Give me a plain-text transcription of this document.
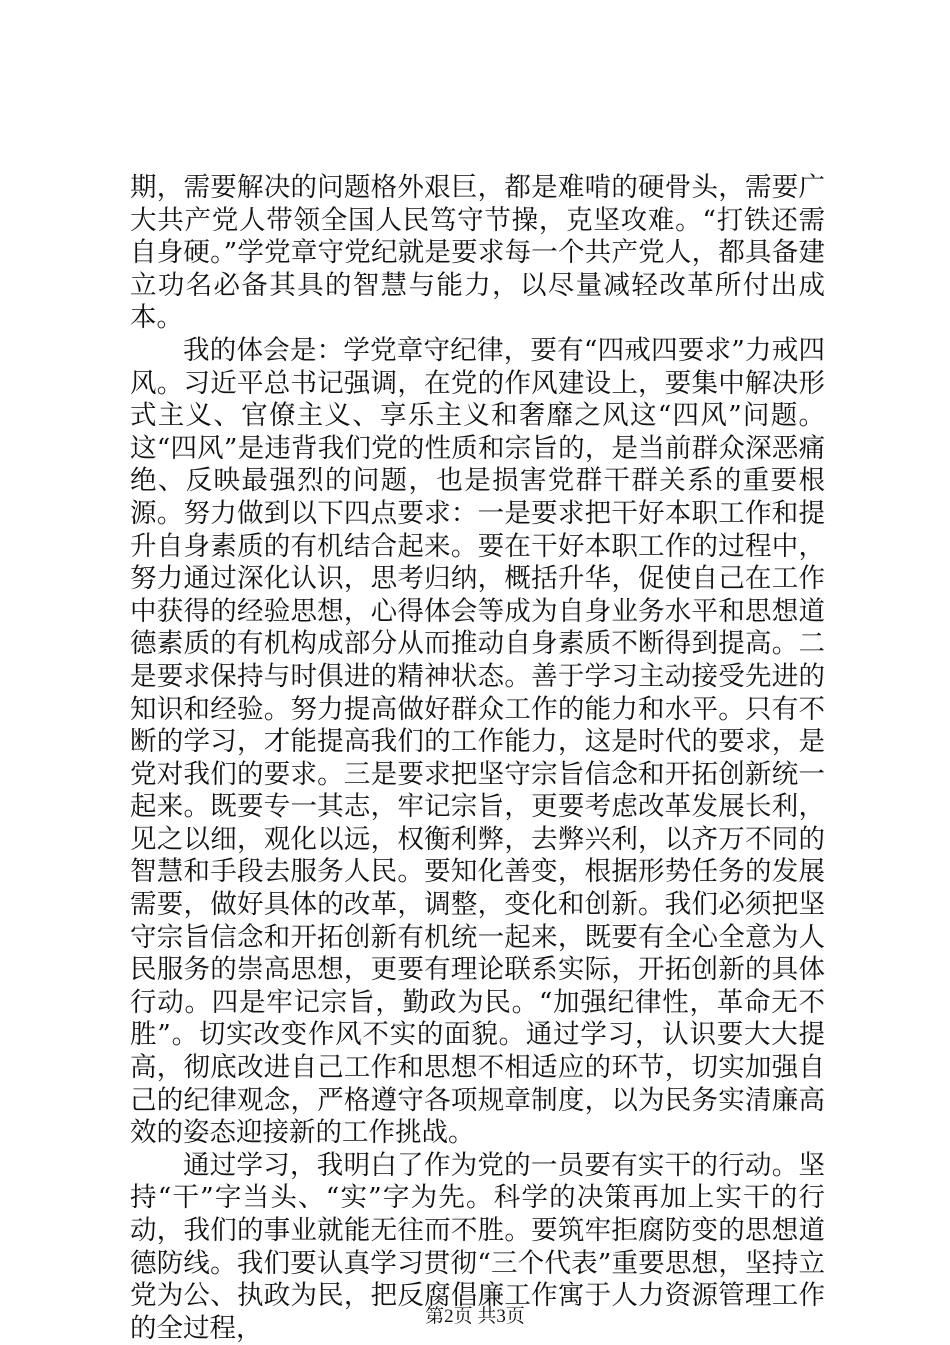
期，需要解决的问题格外艰巨，都是难啃的硬骨头，需要广大共产党人带领全国人民笃守节操，克坚攻难。“打铁还需自身硬。”学党章守党纪就是要求每一个共产党人，都具备建立功名必备其具的智慧与能力，以尽量减轻改革所付出成本。

我的体会是：学党章守纪律，要有“四戒四要求”力戒四风。习近平总书记强调，在党的作风建设上，要集中解决形式主义、官僚主义、享乐主义和奢靡之风这“四风”问题。这“四风”是违背我们党的性质和宗旨的，是当前群众深恶痛绝、反映最强烈的问题，也是损害党群干群关系的重要根源。努力做到以下四点要求：一是要求把干好本职工作和提升自身素质的有机结合起来。要在干好本职工作的过程中，努力通过深化认识，思考归纳，概括升华，促使自己在工作中获得的经验思想，心得体会等成为自身业务水平和思想道德素质的有机构成部分从而推动自身素质不断得到提高。二是要求保持与时俱进的精神状态。善于学习主动接受先进的知识和经验。努力提高做好群众工作的能力和水平。只有不断的学习，才能提高我们的工作能力，这是时代的要求，是党对我们的要求。三是要求把坚守宗旨信念和开拓创新统一起来。既要专一其志，牢记宗旨，更要考虑改革发展长利，见之以细，观化以远，权衡利弊，去弊兴利，以齐万不同的智慧和手段去服务人民。要知化善变，根据形势任务的发展需要，做好具体的改革，调整，变化和创新。我们必须把坚守宗旨信念和开拓创新有机统一起来，既要有全心全意为人民服务的崇高思想，更要有理论联系实际，开拓创新的具体行动。四是牢记宗旨，勤政为民。“加强纪律性，革命无不胜”。切实改变作风不实的面貌。通过学习，认识要大大提高，彻底改进自己工作和思想不相适应的环节，切实加强自己的纪律观念，严格遵守各项规章制度，以为民务实清廉高效的姿态迎接新的工作挑战。

通过学习，我明白了作为党的一员要有实干的行动。坚持“干”字当头、“实”字为先。科学的决策再加上实干的行动，我们的事业就能无往而不胜。要筑牢拒腐防变的思想道德防线。我们要认真学习贯彻“三个代表”重要思想，坚持立党为公、执政为民，把反腐倡廉工作寓于人力资源管理工作的全过程，	第2页 共3页
